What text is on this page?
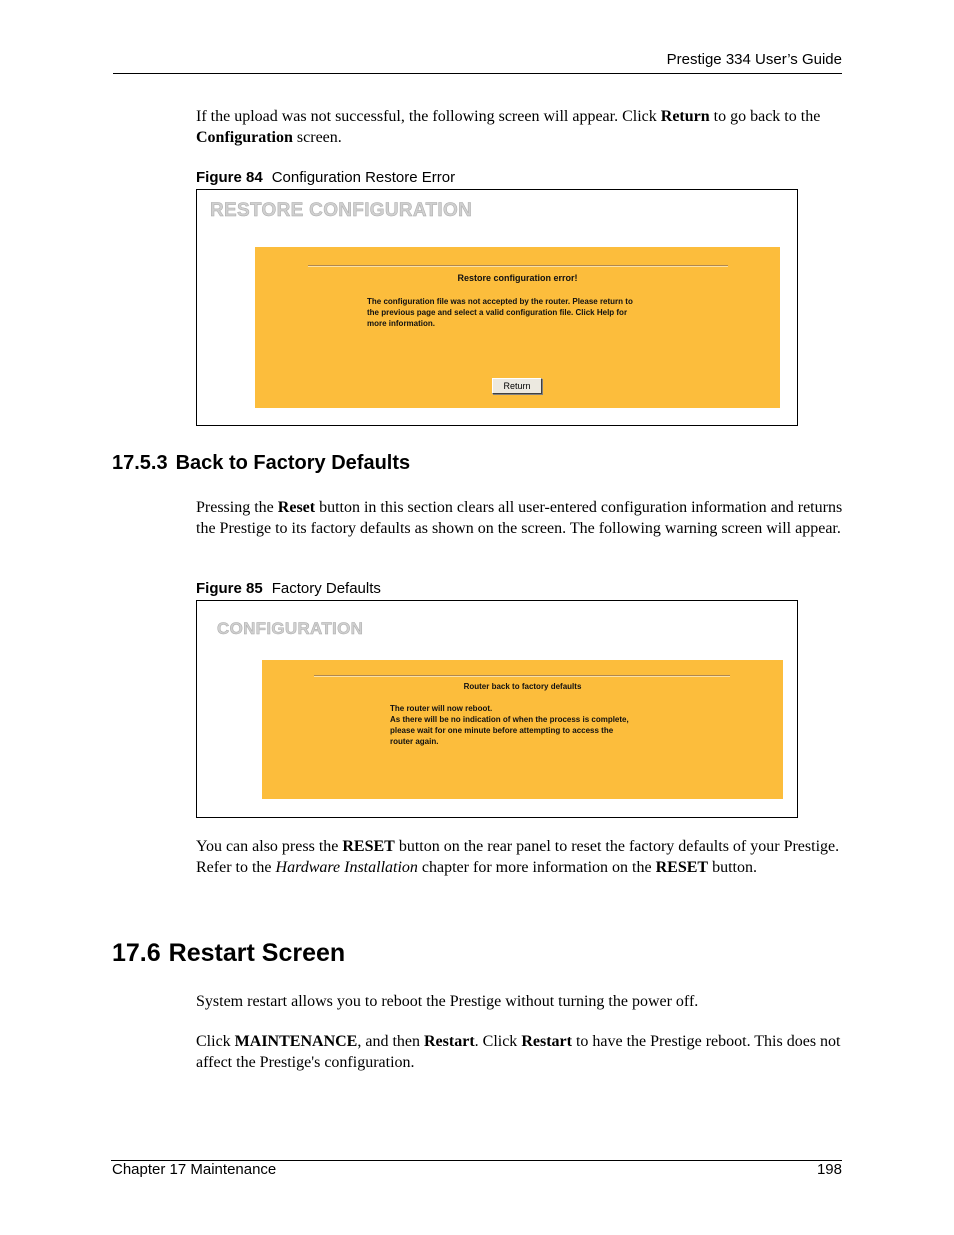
Prestige 334 User’s Guide
If the upload was not successful, the following screen will appear. Click Return to go back to the Configuration screen.
Figure 84 Configuration Restore Error
RESTORE CONFIGURATION
Restore configuration error!
The configuration file was not accepted by the router. Please return to
the previous page and select a valid configuration file. Click Help for
more information.
Return
17.5.3 Back to Factory Defaults
Pressing the Reset button in this section clears all user-entered configuration information and returns the Prestige to its factory defaults as shown on the screen. The following warning screen will appear.
Figure 85 Factory Defaults
CONFIGURATION
Router back to factory defaults
The router will now reboot.
As there will be no indication of when the process is complete,
please wait for one minute before attempting to access the
router again.
You can also press the RESET button on the rear panel to reset the factory defaults of your Prestige. Refer to the Hardware Installation chapter for more information on the RESET button.
17.6 Restart Screen
System restart allows you to reboot the Prestige without turning the power off.
Click MAINTENANCE, and then Restart. Click Restart to have the Prestige reboot. This does not affect the Prestige's configuration.
Chapter 17 Maintenance	198
